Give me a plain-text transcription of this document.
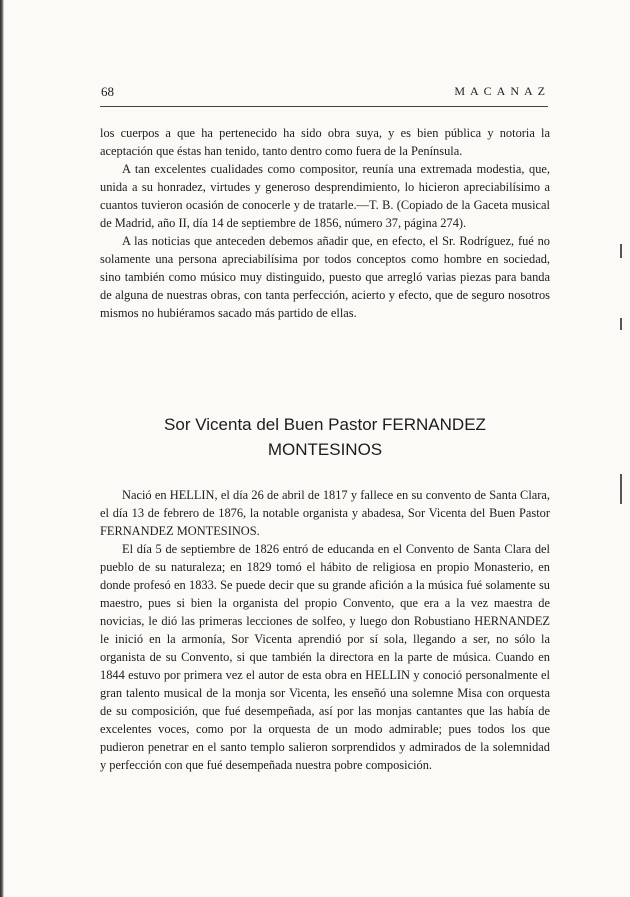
68	MACANAZ

los cuerpos a que ha pertenecido ha sido obra suya, y es bien pública y notoria la aceptación que éstas han tenido, tanto dentro como fuera de la Península.

A tan excelentes cualidades como compositor, reunía una extremada modestia, que, unida a su honradez, virtudes y generoso desprendimiento, lo hicieron apreciabilísimo a cuantos tuvieron ocasión de conocerle y de tratarle.—T. B. (Copiado de la Gaceta musical de Madrid, año II, día 14 de septiembre de 1856, número 37, página 274).

A las noticias que anteceden debemos añadir que, en efecto, el Sr. Rodríguez, fué no solamente una persona apreciabilísima por todos conceptos como hombre en sociedad, sino también como músico muy distinguido, puesto que arregló varias piezas para banda de alguna de nuestras obras, con tanta perfección, acierto y efecto, que de seguro nosotros mismos no hubiéramos sacado más partido de ellas.

Sor Vicenta del Buen Pastor FERNANDEZ
MONTESINOS

Nació en HELLIN, el día 26 de abril de 1817 y fallece en su convento de Santa Clara, el día 13 de febrero de 1876, la notable organista y abadesa, Sor Vicenta del Buen Pastor FERNANDEZ MONTESINOS.

El día 5 de septiembre de 1826 entró de educanda en el Convento de Santa Clara del pueblo de su naturaleza; en 1829 tomó el hábito de religiosa en propio Monasterio, en donde profesó en 1833. Se puede decir que su grande afición a la música fué solamente su maestro, pues si bien la organista del propio Convento, que era a la vez maestra de novicias, le dió las primeras lecciones de solfeo, y luego don Robustiano HERNANDEZ le inició en la armonía, Sor Vicenta aprendió por sí sola, llegando a ser, no sólo la organista de su Convento, si que también la directora en la parte de música. Cuando en 1844 estuvo por primera vez el autor de esta obra en HELLIN y conoció personalmente el gran talento musical de la monja sor Vicenta, les enseñó una solemne Misa con orquesta de su composición, que fué desempeñada, así por las monjas cantantes que las había de excelentes voces, como por la orquesta de un modo admirable; pues todos los que pudieron penetrar en el santo templo salieron sorprendidos y admirados de la solemnidad y perfección con que fué desempeñada nuestra pobre composición.
